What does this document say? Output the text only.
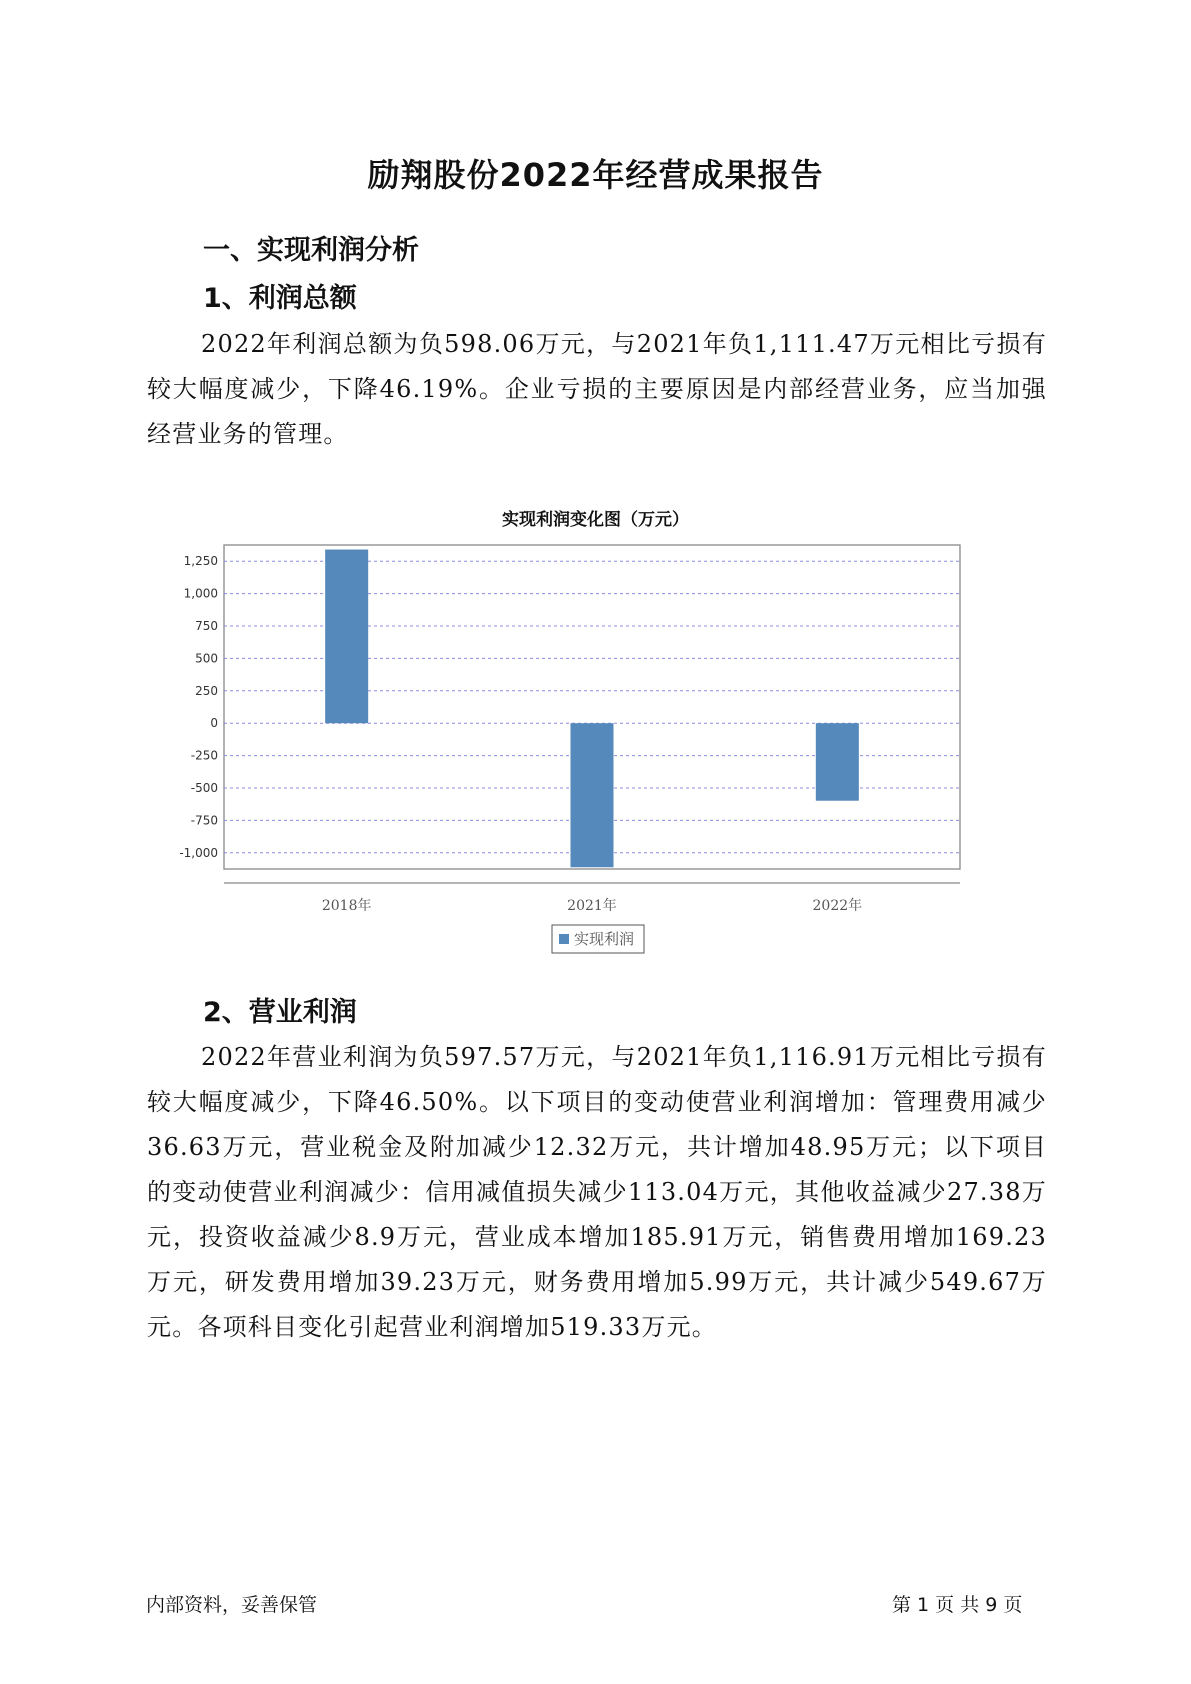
励翔股份2022年经营成果报告
一、实现利润分析
1、利润总额
2022年利润总额为负598.06万元，与2021年负1,111.47万元相比亏损有较大幅度减少，下降46.19%。企业亏损的主要原因是内部经营业务，应当加强经营业务的管理。
实现利润变化图（万元）
1,250
1,000
750
500
250
0
-250
-500
-750
-1,000
2018年	2021年	2022年
实现利润
2、营业利润
2022年营业利润为负597.57万元，与2021年负1,116.91万元相比亏损有较大幅度减少，下降46.50%。以下项目的变动使营业利润增加：管理费用减少36.63万元，营业税金及附加减少12.32万元，共计增加48.95万元；以下项目的变动使营业利润减少：信用减值损失减少113.04万元，其他收益减少27.38万元，投资收益减少8.9万元，营业成本增加185.91万元，销售费用增加169.23万元，研发费用增加39.23万元，财务费用增加5.99万元，共计减少549.67万元。各项科目变化引起营业利润增加519.33万元。
内部资料，妥善保管	第 1 页 共 9 页
